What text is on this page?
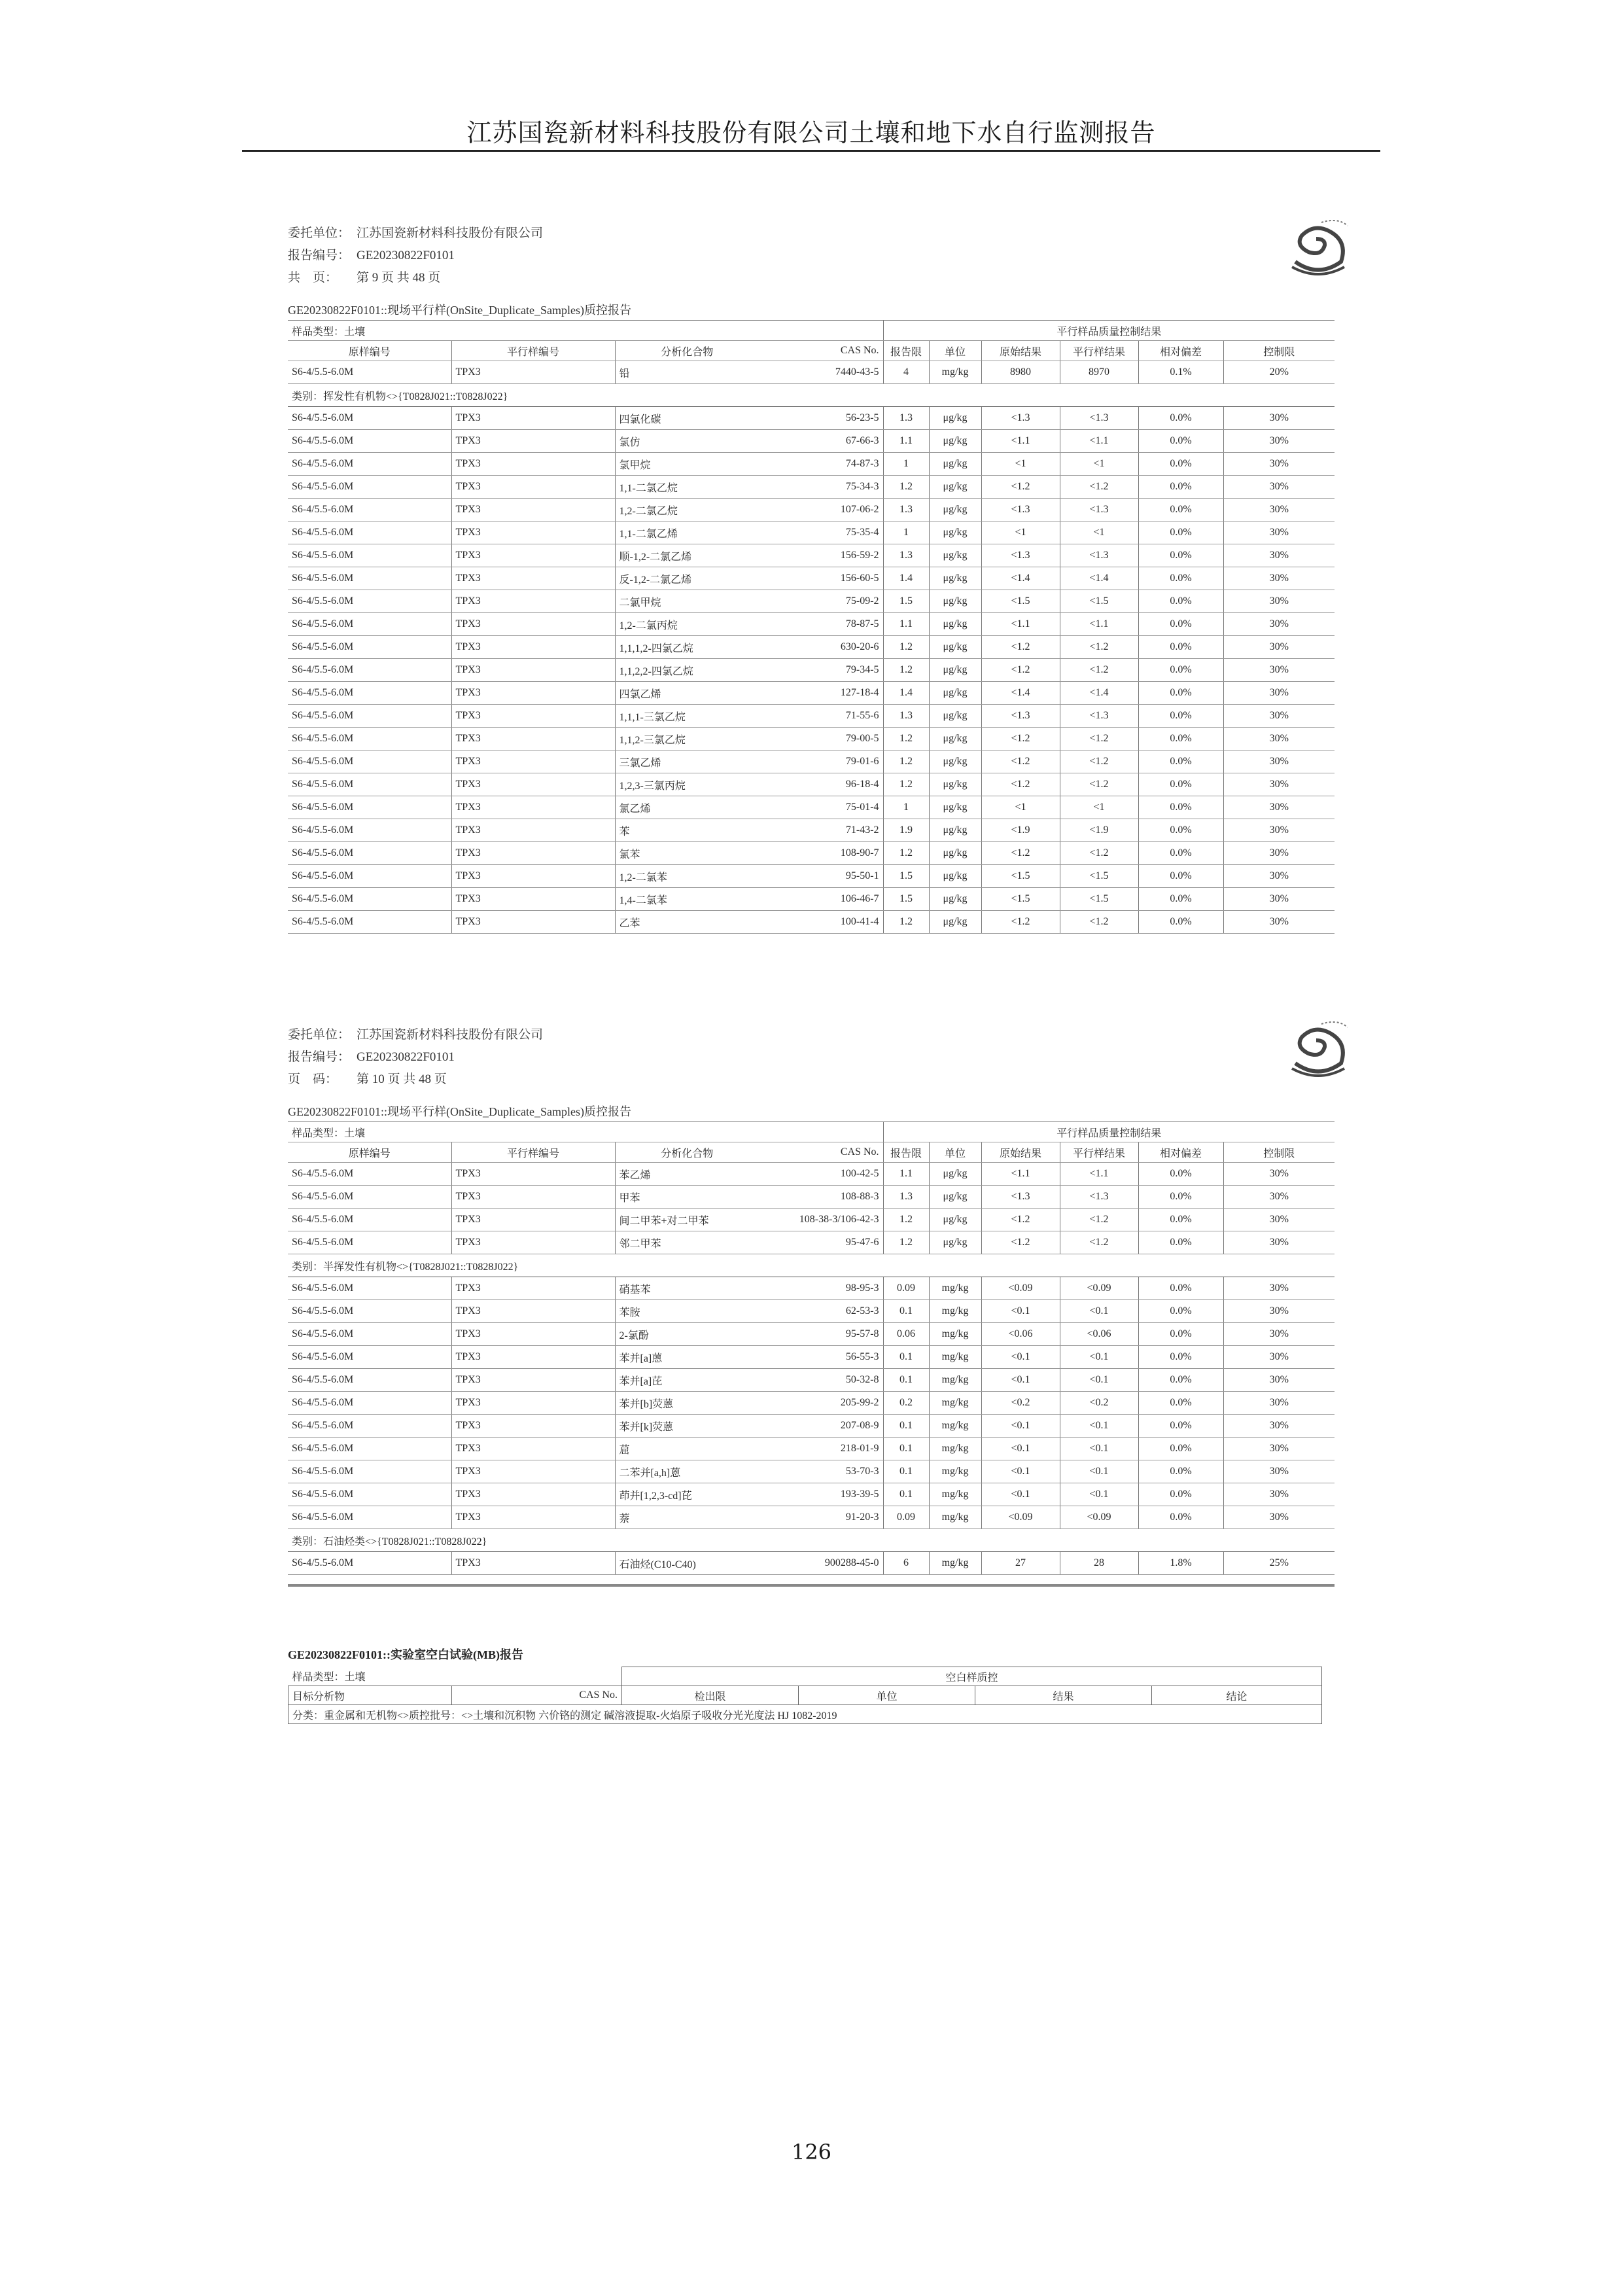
江苏国瓷新材料科技股份有限公司土壤和地下水自行监测报告
委托单位： 江苏国瓷新材料科技股份有限公司
报告编号： GE20230822F0101
共　页：	第 9 页 共 48 页
GE20230822F0101::现场平行样(OnSite_Duplicate_Samples)质控报告
样品类型：土壤				平行样品质量控制结果					
原样编号	平行样编号	分析化合物	CAS No.	报告限	单位	原始结果	平行样结果	相对偏差	控制限
S6-4/5.5-6.0M	TPX3	铅	7440-43-5	4	mg/kg	8980	8970	0.1%	20%
类别：挥发性有机物<>{T0828J021::T0828J022}									
S6-4/5.5-6.0M	TPX3	四氯化碳	56-23-5	1.3	μg/kg	<1.3	<1.3	0.0%	30%
S6-4/5.5-6.0M	TPX3	氯仿	67-66-3	1.1	μg/kg	<1.1	<1.1	0.0%	30%
S6-4/5.5-6.0M	TPX3	氯甲烷	74-87-3	1	μg/kg	<1	<1	0.0%	30%
S6-4/5.5-6.0M	TPX3	1,1-二氯乙烷	75-34-3	1.2	μg/kg	<1.2	<1.2	0.0%	30%
S6-4/5.5-6.0M	TPX3	1,2-二氯乙烷	107-06-2	1.3	μg/kg	<1.3	<1.3	0.0%	30%
S6-4/5.5-6.0M	TPX3	1,1-二氯乙烯	75-35-4	1	μg/kg	<1	<1	0.0%	30%
S6-4/5.5-6.0M	TPX3	顺-1,2-二氯乙烯	156-59-2	1.3	μg/kg	<1.3	<1.3	0.0%	30%
S6-4/5.5-6.0M	TPX3	反-1,2-二氯乙烯	156-60-5	1.4	μg/kg	<1.4	<1.4	0.0%	30%
S6-4/5.5-6.0M	TPX3	二氯甲烷	75-09-2	1.5	μg/kg	<1.5	<1.5	0.0%	30%
S6-4/5.5-6.0M	TPX3	1,2-二氯丙烷	78-87-5	1.1	μg/kg	<1.1	<1.1	0.0%	30%
S6-4/5.5-6.0M	TPX3	1,1,1,2-四氯乙烷	630-20-6	1.2	μg/kg	<1.2	<1.2	0.0%	30%
S6-4/5.5-6.0M	TPX3	1,1,2,2-四氯乙烷	79-34-5	1.2	μg/kg	<1.2	<1.2	0.0%	30%
S6-4/5.5-6.0M	TPX3	四氯乙烯	127-18-4	1.4	μg/kg	<1.4	<1.4	0.0%	30%
S6-4/5.5-6.0M	TPX3	1,1,1-三氯乙烷	71-55-6	1.3	μg/kg	<1.3	<1.3	0.0%	30%
S6-4/5.5-6.0M	TPX3	1,1,2-三氯乙烷	79-00-5	1.2	μg/kg	<1.2	<1.2	0.0%	30%
S6-4/5.5-6.0M	TPX3	三氯乙烯	79-01-6	1.2	μg/kg	<1.2	<1.2	0.0%	30%
S6-4/5.5-6.0M	TPX3	1,2,3-三氯丙烷	96-18-4	1.2	μg/kg	<1.2	<1.2	0.0%	30%
S6-4/5.5-6.0M	TPX3	氯乙烯	75-01-4	1	μg/kg	<1	<1	0.0%	30%
S6-4/5.5-6.0M	TPX3	苯	71-43-2	1.9	μg/kg	<1.9	<1.9	0.0%	30%
S6-4/5.5-6.0M	TPX3	氯苯	108-90-7	1.2	μg/kg	<1.2	<1.2	0.0%	30%
S6-4/5.5-6.0M	TPX3	1,2-二氯苯	95-50-1	1.5	μg/kg	<1.5	<1.5	0.0%	30%
S6-4/5.5-6.0M	TPX3	1,4-二氯苯	106-46-7	1.5	μg/kg	<1.5	<1.5	0.0%	30%
S6-4/5.5-6.0M	TPX3	乙苯	100-41-4	1.2	μg/kg	<1.2	<1.2	0.0%	30%
委托单位： 江苏国瓷新材料科技股份有限公司
报告编号： GE20230822F0101
页　码：	第 10 页 共 48 页
GE20230822F0101::现场平行样(OnSite_Duplicate_Samples)质控报告
样品类型：土壤				平行样品质量控制结果					
原样编号	平行样编号	分析化合物	CAS No.	报告限	单位	原始结果	平行样结果	相对偏差	控制限
S6-4/5.5-6.0M	TPX3	苯乙烯	100-42-5	1.1	μg/kg	<1.1	<1.1	0.0%	30%
S6-4/5.5-6.0M	TPX3	甲苯	108-88-3	1.3	μg/kg	<1.3	<1.3	0.0%	30%
S6-4/5.5-6.0M	TPX3	间二甲苯+对二甲苯	108-38-3/106-42-3	1.2	μg/kg	<1.2	<1.2	0.0%	30%
S6-4/5.5-6.0M	TPX3	邻二甲苯	95-47-6	1.2	μg/kg	<1.2	<1.2	0.0%	30%
类别：半挥发性有机物<>{T0828J021::T0828J022}									
S6-4/5.5-6.0M	TPX3	硝基苯	98-95-3	0.09	mg/kg	<0.09	<0.09	0.0%	30%
S6-4/5.5-6.0M	TPX3	苯胺	62-53-3	0.1	mg/kg	<0.1	<0.1	0.0%	30%
S6-4/5.5-6.0M	TPX3	2-氯酚	95-57-8	0.06	mg/kg	<0.06	<0.06	0.0%	30%
S6-4/5.5-6.0M	TPX3	苯并[a]蒽	56-55-3	0.1	mg/kg	<0.1	<0.1	0.0%	30%
S6-4/5.5-6.0M	TPX3	苯并[a]芘	50-32-8	0.1	mg/kg	<0.1	<0.1	0.0%	30%
S6-4/5.5-6.0M	TPX3	苯并[b]荧蒽	205-99-2	0.2	mg/kg	<0.2	<0.2	0.0%	30%
S6-4/5.5-6.0M	TPX3	苯并[k]荧蒽	207-08-9	0.1	mg/kg	<0.1	<0.1	0.0%	30%
S6-4/5.5-6.0M	TPX3	䓛	218-01-9	0.1	mg/kg	<0.1	<0.1	0.0%	30%
S6-4/5.5-6.0M	TPX3	二苯并[a,h]蒽	53-70-3	0.1	mg/kg	<0.1	<0.1	0.0%	30%
S6-4/5.5-6.0M	TPX3	茚并[1,2,3-cd]芘	193-39-5	0.1	mg/kg	<0.1	<0.1	0.0%	30%
S6-4/5.5-6.0M	TPX3	萘	91-20-3	0.09	mg/kg	<0.09	<0.09	0.0%	30%
类别：石油烃类<>{T0828J021::T0828J022}									
S6-4/5.5-6.0M	TPX3	石油烃(C10-C40)	900288-45-0	6	mg/kg	27	28	1.8%	25%
GE20230822F0101::实验室空白试验(MB)报告
样品类型：土壤		空白样质控			
目标分析物	CAS No.	检出限	单位	结果	结论
分类：重金属和无机物<>质控批号：<>土壤和沉积物 六价铬的测定 碱溶液提取-火焰原子吸收分光光度法 HJ 1082-2019					
126
